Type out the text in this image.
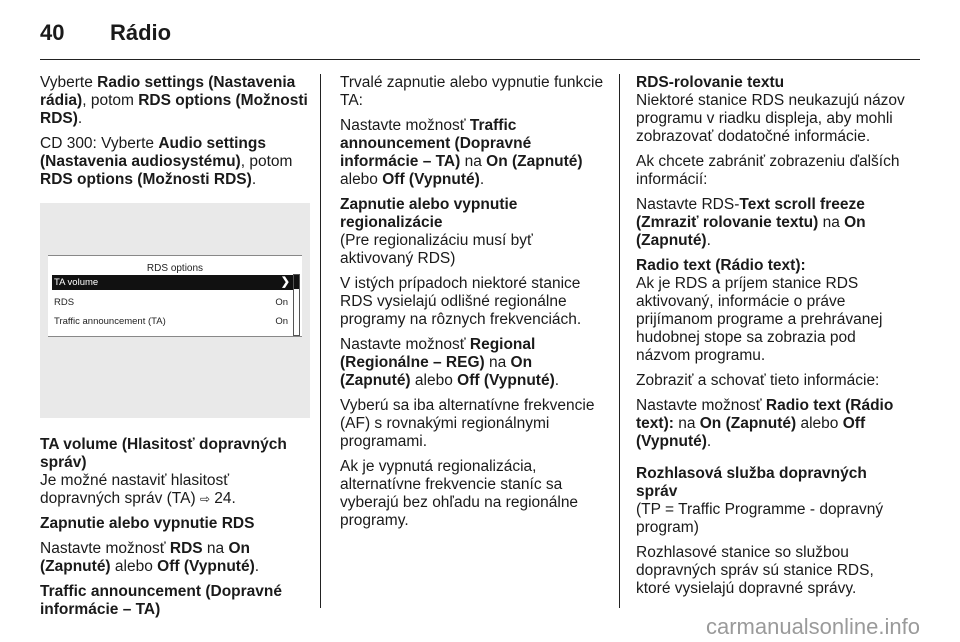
40 Rádio

Vyberte Radio settings (Nastavenia rádia), potom RDS options (Možnosti RDS).

CD 300: Vyberte Audio settings (Nastavenia audiosystému), potom RDS options (Možnosti RDS).

RDS options
TA volume	❯
RDS	On
Traffic announcement (TA)	On

TA volume (Hlasitosť dopravných správ)

Je možné nastaviť hlasitosť dopravných správ (TA) ⇨ 24.

Zapnutie alebo vypnutie RDS

Nastavte možnosť RDS na On (Zapnuté) alebo Off (Vypnuté).

Traffic announcement (Dopravné informácie – TA)

Trvalé zapnutie alebo vypnutie funkcie TA:

Nastavte možnosť Traffic announcement (Dopravné informácie – TA) na On (Zapnuté) alebo Off (Vypnuté).

Zapnutie alebo vypnutie regionalizácie

(Pre regionalizáciu musí byť aktivovaný RDS)

V istých prípadoch niektoré stanice RDS vysielajú odlišné regionálne programy na rôznych frekvenciách.

Nastavte možnosť Regional (Regionálne – REG) na On (Zapnuté) alebo Off (Vypnuté).

Vyberú sa iba alternatívne frekvencie (AF) s rovnakými regionálnymi programami.

Ak je vypnutá regionalizácia, alternatívne frekvencie staníc sa vyberajú bez ohľadu na regionálne programy.

RDS-rolovanie textu

Niektoré stanice RDS neukazujú názov programu v riadku displeja, aby mohli zobrazovať dodatočné informácie.

Ak chcete zabrániť zobrazeniu ďalších informácií:

Nastavte RDS-Text scroll freeze (Zmraziť rolovanie textu) na On (Zapnuté).

Radio text (Rádio text):

Ak je RDS a príjem stanice RDS aktivovaný, informácie o práve prijímanom programe a prehrávanej hudobnej stope sa zobrazia pod názvom programu.

Zobraziť a schovať tieto informácie:

Nastavte možnosť Radio text (Rádio text): na On (Zapnuté) alebo Off (Vypnuté).

Rozhlasová služba dopravných správ

(TP = Traffic Programme - dopravný program)

Rozhlasové stanice so službou dopravných správ sú stanice RDS, ktoré vysielajú dopravné správy.

carmanualsonline.info
